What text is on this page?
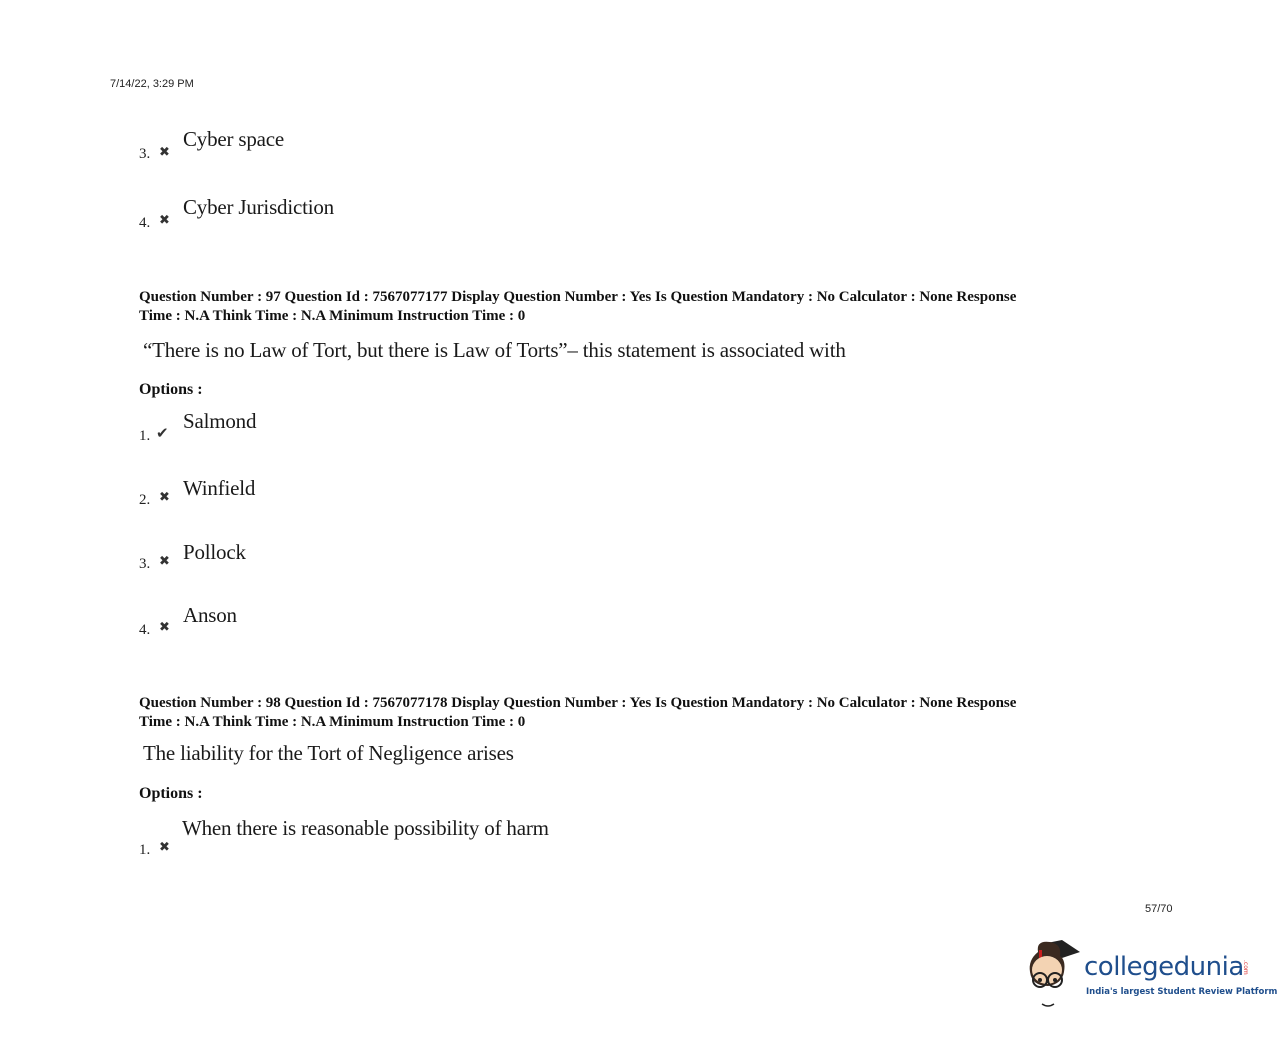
7/14/22, 3:29 PM
3. ✖
Cyber space
4. ✖
Cyber Jurisdiction
Question Number : 97 Question Id : 7567077177 Display Question Number : Yes Is Question Mandatory : No Calculator : None Response
Time : N.A Think Time : N.A Minimum Instruction Time : 0
“There is no Law of Tort, but there is Law of Torts”– this statement is associated with
Options :
1. ✔
Salmond
2. ✖ Winfield
3. ✖ Pollock
4. ✖ Anson
Question Number : 98 Question Id : 7567077178 Display Question Number : Yes Is Question Mandatory : No Calculator : None Response
Time : N.A Think Time : N.A Minimum Instruction Time : 0
The liability for the Tort of Negligence arises
Options :
1. ✖
When there is reasonable possibility of harm
57/70
collegedunia
.com
India's largest Student Review Platform
